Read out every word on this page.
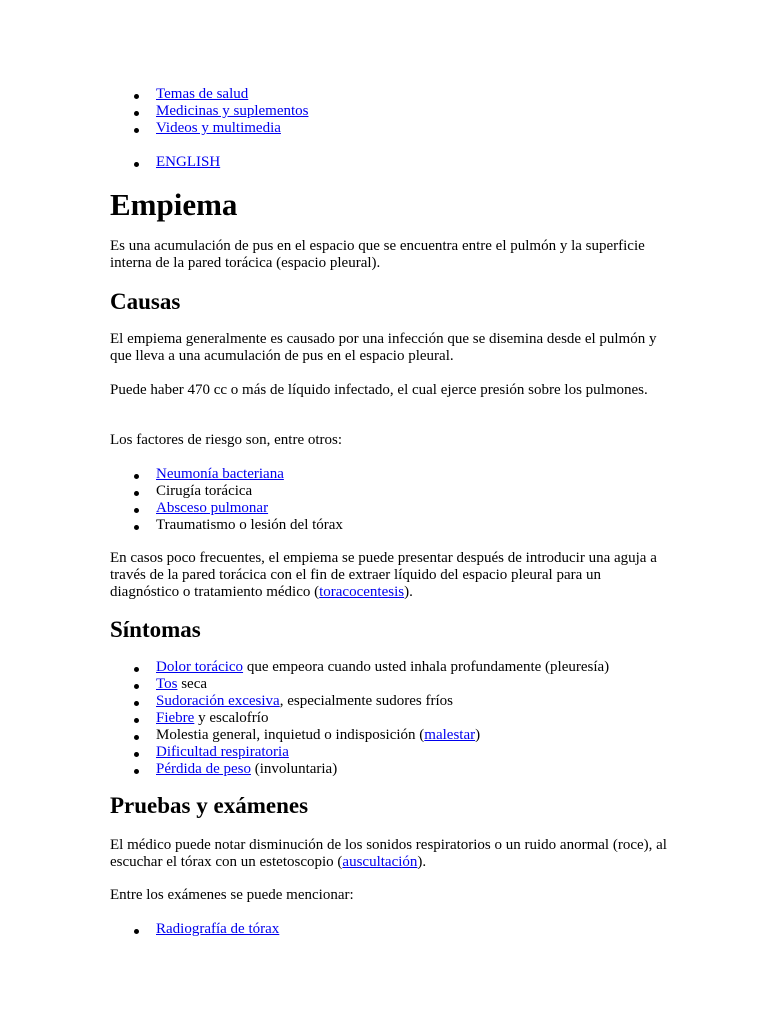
Temas de salud
Medicinas y suplementos
Videos y multimedia
ENGLISH
Empiema

Es una acumulación de pus en el espacio que se encuentra entre el pulmón y la superficie interna de la pared torácica (espacio pleural).

Causas

El empiema generalmente es causado por una infección que se disemina desde el pulmón y que lleva a una acumulación de pus en el espacio pleural.

Puede haber 470 cc o más de líquido infectado, el cual ejerce presión sobre los pulmones.

Los factores de riesgo son, entre otros:

Neumonía bacteriana
Cirugía torácica
Absceso pulmonar
Traumatismo o lesión del tórax

En casos poco frecuentes, el empiema se puede presentar después de introducir una aguja a través de la pared torácica con el fin de extraer líquido del espacio pleural para un diagnóstico o tratamiento médico (toracocentesis).

Síntomas
Dolor torácico que empeora cuando usted inhala profundamente (pleuresía)
Tos seca
Sudoración excesiva, especialmente sudores fríos
Fiebre y escalofrío
Molestia general, inquietud o indisposición (malestar)
Dificultad respiratoria
Pérdida de peso (involuntaria)
Pruebas y exámenes

El médico puede notar disminución de los sonidos respiratorios o un ruido anormal (roce), al escuchar el tórax con un estetoscopio (auscultación).

Entre los exámenes se puede mencionar:

Radiografía de tórax
